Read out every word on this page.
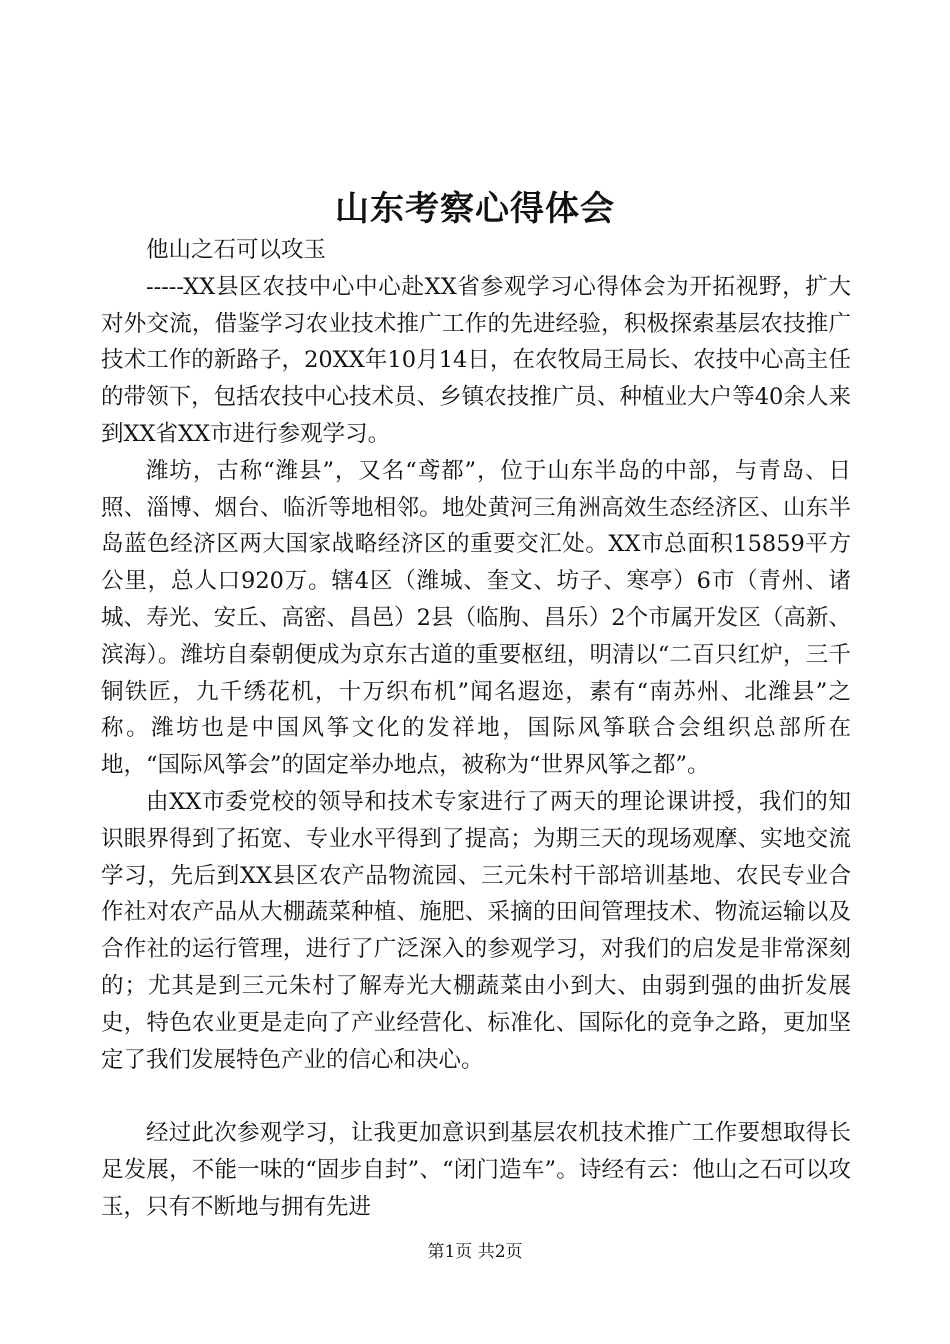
山东考察心得体会

他山之石可以攻玉

-----XX县区农技中心中心赴XX省参观学习心得体会为开拓视野，扩大对外交流，借鉴学习农业技术推广工作的先进经验，积极探索基层农技推广技术工作的新路子，20XX年10月14日，在农牧局王局长、农技中心高主任的带领下，包括农技中心技术员、乡镇农技推广员、种植业大户等40余人来到XX省XX市进行参观学习。

潍坊，古称“潍县”，又名“鸢都”，位于山东半岛的中部，与青岛、日照、淄博、烟台、临沂等地相邻。地处黄河三角洲高效生态经济区、山东半岛蓝色经济区两大国家战略经济区的重要交汇处。XX市总面积15859平方公里，总人口920万。辖4区（潍城、奎文、坊子、寒亭）6市（青州、诸城、寿光、安丘、高密、昌邑）2县（临朐、昌乐）2个市属开发区（高新、滨海）。潍坊自秦朝便成为京东古道的重要枢纽，明清以“二百只红炉，三千铜铁匠，九千绣花机，十万织布机”闻名遐迩，素有“南苏州、北潍县”之称。潍坊也是中国风筝文化的发祥地，国际风筝联合会组织总部所在地，“国际风筝会”的固定举办地点，被称为“世界风筝之都”。

由XX市委党校的领导和技术专家进行了两天的理论课讲授，我们的知识眼界得到了拓宽、专业水平得到了提高；为期三天的现场观摩、实地交流学习，先后到XX县区农产品物流园、三元朱村干部培训基地、农民专业合作社对农产品从大棚蔬菜种植、施肥、采摘的田间管理技术、物流运输以及合作社的运行管理，进行了广泛深入的参观学习，对我们的启发是非常深刻的；尤其是到三元朱村了解寿光大棚蔬菜由小到大、由弱到强的曲折发展史，特色农业更是走向了产业经营化、标准化、国际化的竞争之路，更加坚定了我们发展特色产业的信心和决心。

经过此次参观学习，让我更加意识到基层农机技术推广工作要想取得长足发展，不能一味的“固步自封”、“闭门造车”。诗经有云：他山之石可以攻玉，只有不断地与拥有先进

第1页 共2页
